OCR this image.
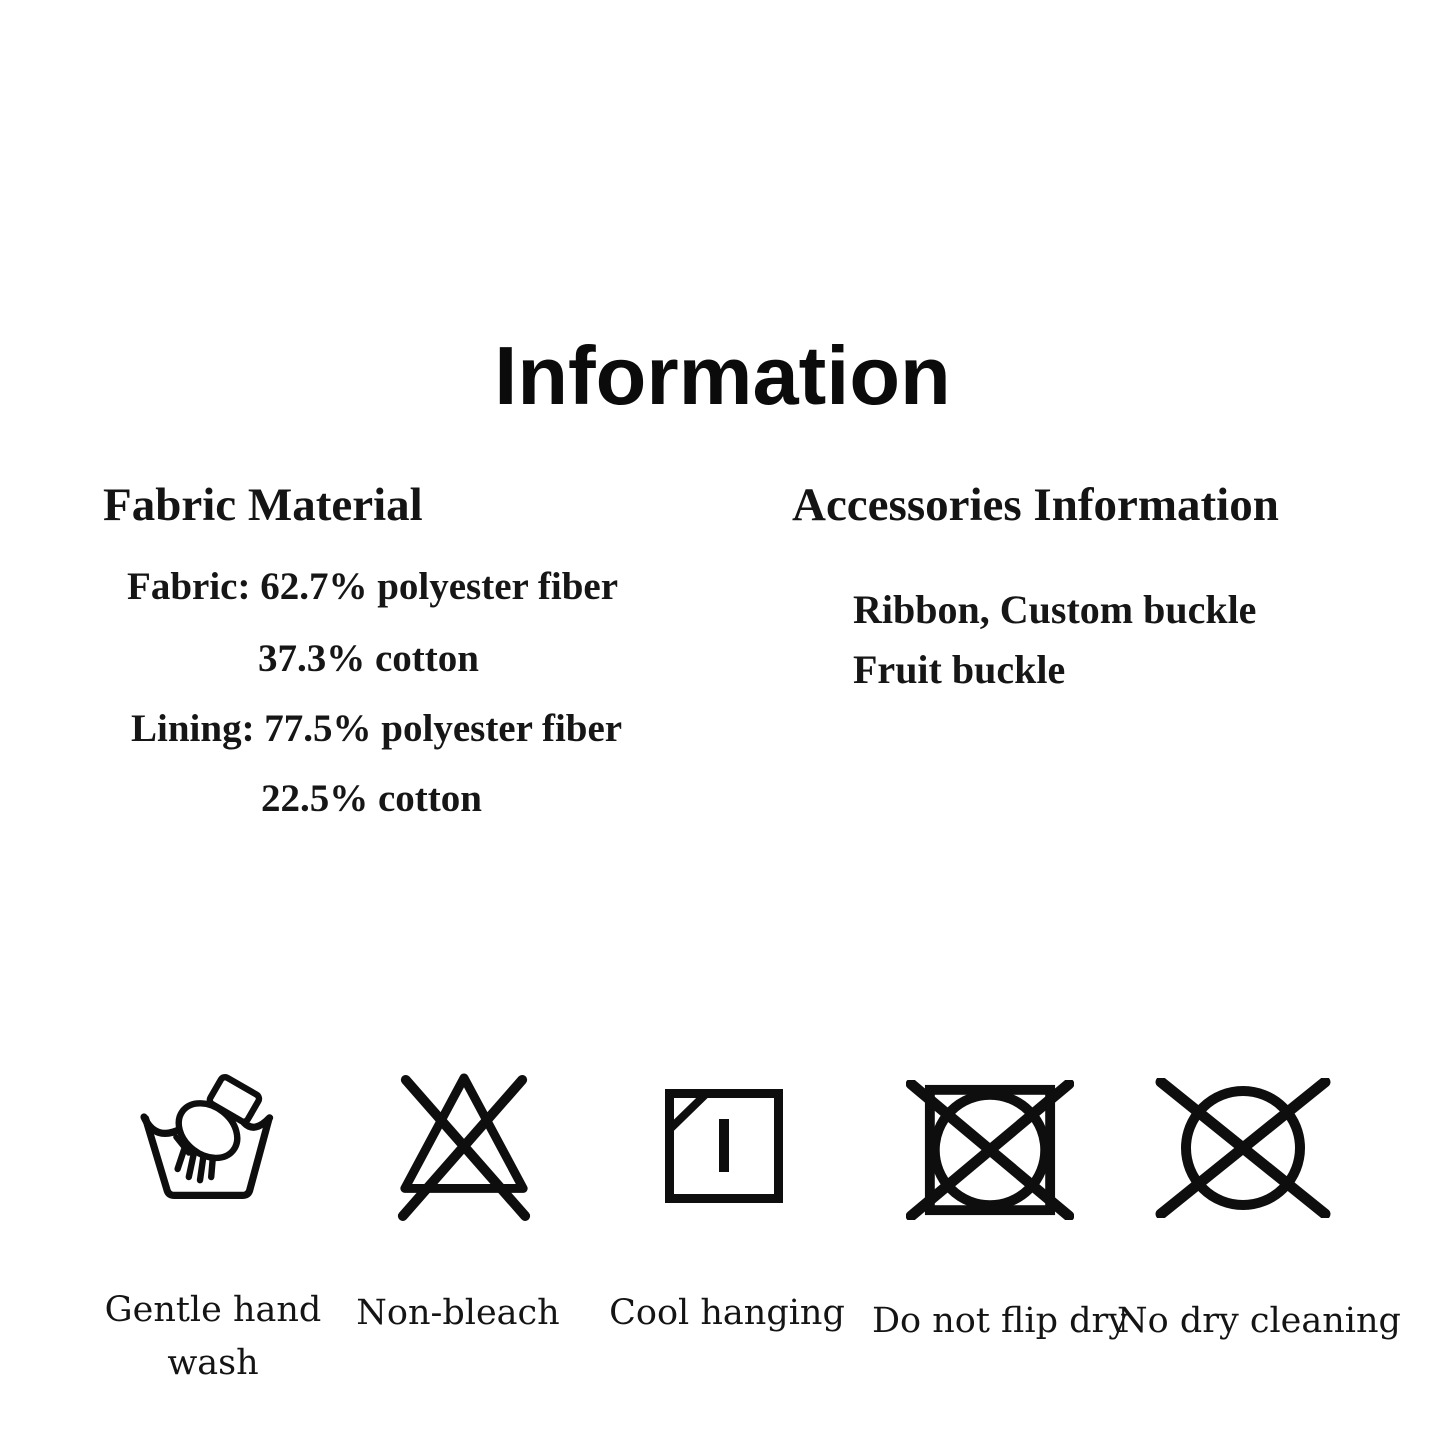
Information
Fabric Material
Fabric: 62.7% polyester fiber
37.3% cotton
Lining: 77.5% polyester fiber
22.5% cotton
Accessories Information
Ribbon, Custom buckle
Fruit buckle
Gentle hand wash
Non-bleach	Cool hanging Do not flip dry
No dry cleaning
